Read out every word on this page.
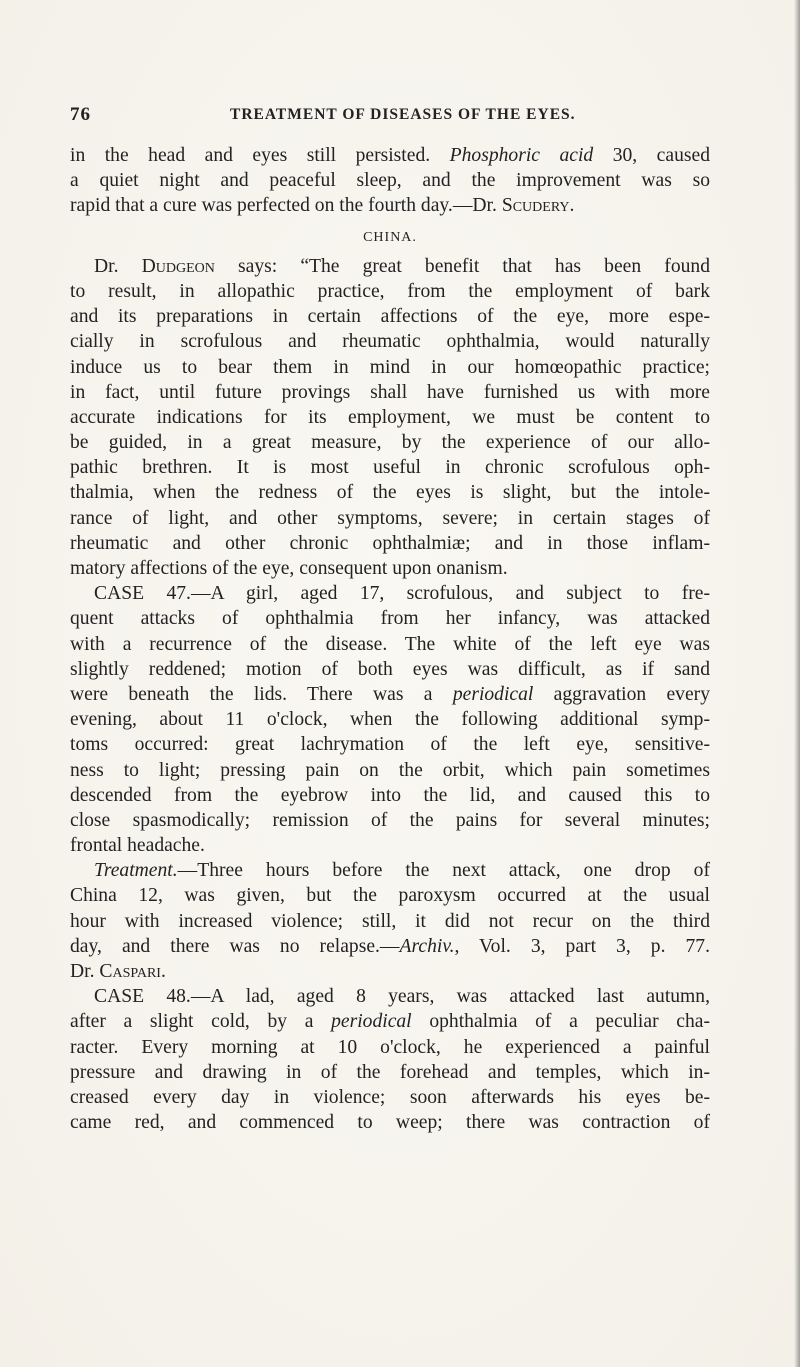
76	TREATMENT OF DISEASES OF THE EYES.
in the head and eyes still persisted. Phosphoric acid 30, caused
a quiet night and peaceful sleep, and the improvement was so
rapid that a cure was perfected on the fourth day.—Dr. Scudery.
CHINA.
Dr. Dudgeon says: “The great benefit that has been found
to result, in allopathic practice, from the employment of bark
and its preparations in certain affections of the eye, more espe-
cially in scrofulous and rheumatic ophthalmia, would naturally
induce us to bear them in mind in our homœopathic practice;
in fact, until future provings shall have furnished us with more
accurate indications for its employment, we must be content to
be guided, in a great measure, by the experience of our allo-
pathic brethren. It is most useful in chronic scrofulous oph-
thalmia, when the redness of the eyes is slight, but the intole-
rance of light, and other symptoms, severe; in certain stages of
rheumatic and other chronic ophthalmiæ; and in those inflam-
matory affections of the eye, consequent upon onanism.
CASE 47.—A girl, aged 17, scrofulous, and subject to fre-
quent attacks of ophthalmia from her infancy, was attacked
with a recurrence of the disease. The white of the left eye was
slightly reddened; motion of both eyes was difficult, as if sand
were beneath the lids. There was a periodical aggravation every
evening, about 11 o'clock, when the following additional symp-
toms occurred: great lachrymation of the left eye, sensitive-
ness to light; pressing pain on the orbit, which pain sometimes
descended from the eyebrow into the lid, and caused this to
close spasmodically; remission of the pains for several minutes;
frontal headache.
Treatment.—Three hours before the next attack, one drop of
China 12, was given, but the paroxysm occurred at the usual
hour with increased violence; still, it did not recur on the third
day, and there was no relapse.—Archiv., Vol. 3, part 3, p. 77.
Dr. Caspari.
CASE 48.—A lad, aged 8 years, was attacked last autumn,
after a slight cold, by a periodical ophthalmia of a peculiar cha-
racter. Every morning at 10 o'clock, he experienced a painful
pressure and drawing in of the forehead and temples, which in-
creased every day in violence; soon afterwards his eyes be-
came red, and commenced to weep; there was contraction of
